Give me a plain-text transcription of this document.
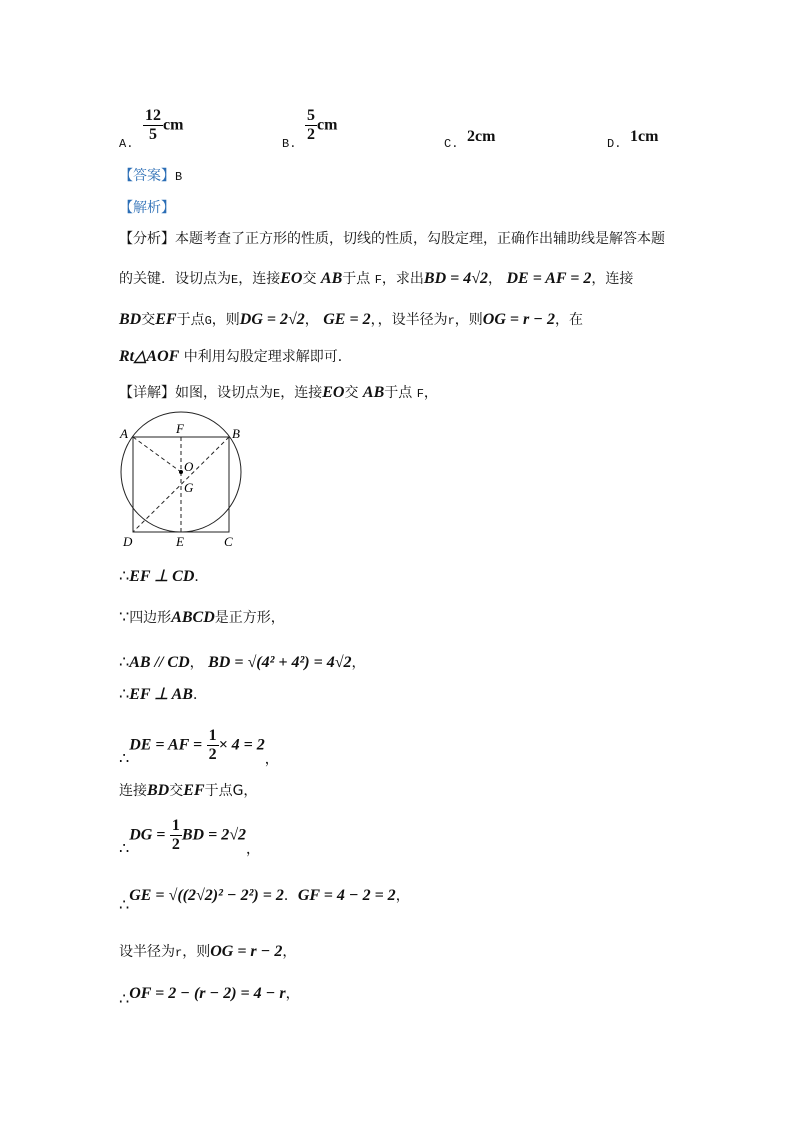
A. $\frac{12}{5}$ cm
B. $\frac{5}{2}$ cm
C. 2cm	D. 1cm
【答案】B
【解析】
【分析】本题考查了正方形的性质，切线的性质，勾股定理，正确作出辅助线是解答本题
的关键．设切点为E，连接EO交 AB于点 F，求出BD = 4√2， DE = AF = 2，连接
BD交EF于点G，则DG = 2√2， GE = 2，，设半径为r，则OG = r − 2，在
Rt△AOF 中利用勾股定理求解即可．
【详解】如图，设切点为E，连接EO交 AB于点 F，
A	B
C
D	E
F
O
G
∴EF ⊥ CD．
∵四边形ABCD是正方形，
∴AB // CD， BD = √(4² + 4²) = 4√2，
∴EF ⊥ AB．
∴DE = AF = $\frac{1}{2} \times 4 = 2$，
连接BD交EF于点G，
∴DG = $\frac{1}{2}$ BD = 2√2，
∴GE = √((2√2)² − 2²) = 2．GF = 4 − 2 = 2，
设半径为r，则OG = r − 2，
∴OF = 2 − (r − 2) = 4 − r，
